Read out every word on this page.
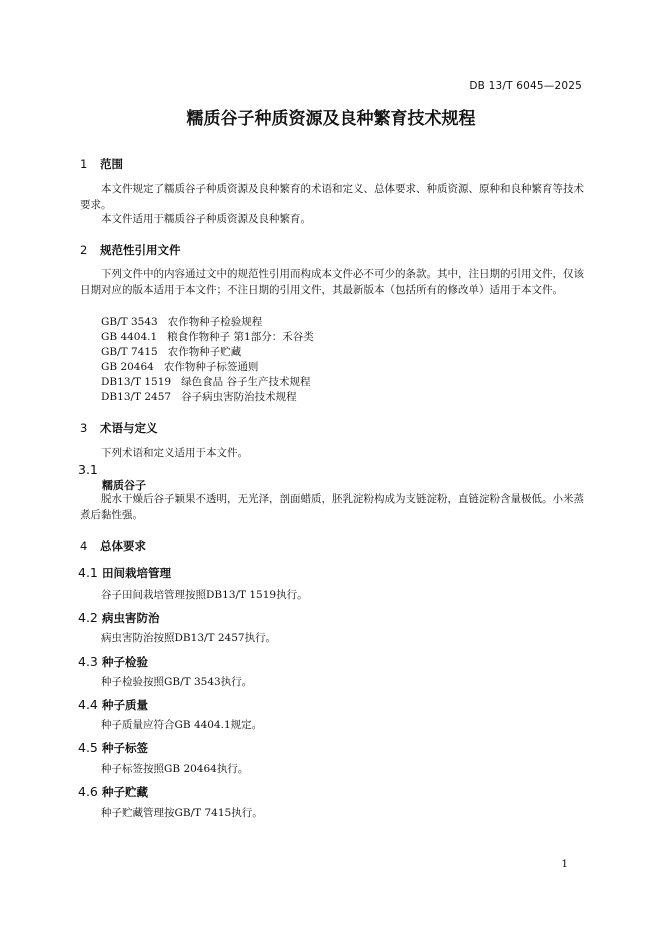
DB 13/T 6045—2025
糯质谷子种质资源及良种繁育技术规程
1 范围

本文件规定了糯质谷子种质资源及良种繁育的术语和定义、总体要求、种质资源、原种和良种繁育等技术要求。

本文件适用于糯质谷子种质资源及良种繁育。

2 规范性引用文件

下列文件中的内容通过文中的规范性引用而构成本文件必不可少的条款。其中，注日期的引用文件，仅该日期对应的版本适用于本文件；不注日期的引用文件，其最新版本（包括所有的修改单）适用于本文件。

GB/T 3543 农作物种子检验规程
GB 4404.1 粮食作物种子 第1部分：禾谷类
GB/T 7415 农作物种子贮藏
GB 20464 农作物种子标签通则
DB13/T 1519 绿色食品 谷子生产技术规程
DB13/T 2457 谷子病虫害防治技术规程
3 术语与定义

下列术语和定义适用于本文件。

3.1
糯质谷子

脱水干燥后谷子颖果不透明，无光泽，剖面蜡质，胚乳淀粉构成为支链淀粉，直链淀粉含量极低。小米蒸煮后黏性强。

4 总体要求
4.1 田间栽培管理

谷子田间栽培管理按照DB13/T 1519执行。

4.2 病虫害防治

病虫害防治按照DB13/T 2457执行。

4.3 种子检验

种子检验按照GB/T 3543执行。

4.4 种子质量

种子质量应符合GB 4404.1规定。

4.5 种子标签

种子标签按照GB 20464执行。

4.6 种子贮藏

种子贮藏管理按GB/T 7415执行。

1
